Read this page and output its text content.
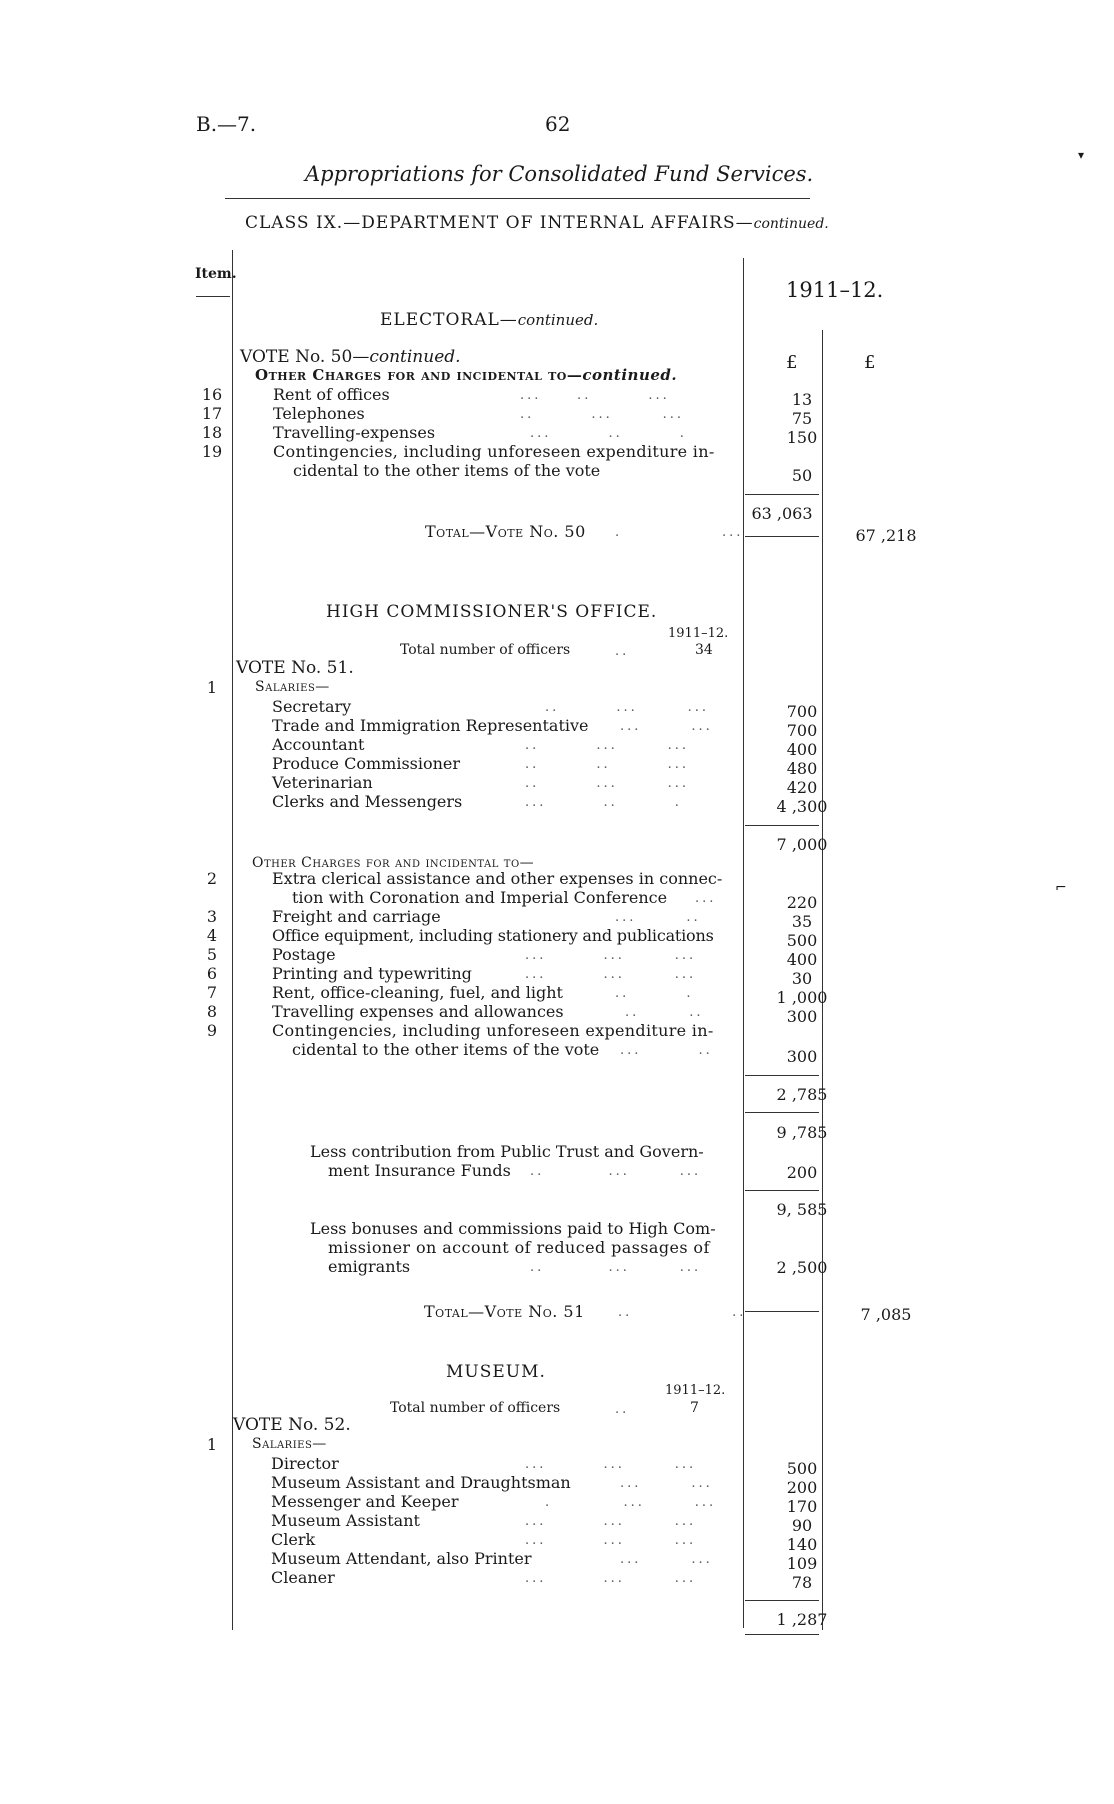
B.—7.	62
Appropriations for Consolidated Fund Services.
CLASS IX.—DEPARTMENT OF INTERNAL AFFAIRS—continued.
Item.
1911–12.
£	£
ELECTORAL—continued.
VOTE No. 50—continued.
Other Charges for and incidental to—continued.
16	Rent of offices	...     ..        ...	13
17	Telephones	..        ...       ...	75
18	Travelling-expenses	...        ..        .	150
19	Contingencies, including unforeseen expenditure in-
cidental to the other items of the vote	50
63 ,063
Total—Vote No. 50 .              ...	67 ,218
HIGH COMMISSIONER'S OFFICE.
1911–12.
Total number of officers	..	34
VOTE No. 51.
1	Salaries—
Secretary	..        ...       ...	700
Trade and Immigration Representative ...       ...	700
Accountant	..        ...       ...	400
Produce Commissioner	..        ..        ...	480
Veterinarian	..        ...       ...	420
Clerks and Messengers	...        ..        .	4 ,300
7 ,000
Other Charges for and incidental to—
2	Extra clerical assistance and other expenses in connec-
tion with Coronation and Imperial Conference ...	220
3	Freight and carriage	...       ..	35
4	Office equipment, including stationery and publications	500
5	Postage	...        ...       ...	400
6	Printing and typewriting	...        ...       ...	30
7	Rent, office-cleaning, fuel, and light	..        .	1 ,000
8	Travelling expenses and allowances	..       ..	300
9	Contingencies, including unforeseen expenditure in-
cidental to the other items of the vote ...        ..	300
2 ,785
9 ,785
Less contribution from Public Trust and Govern-
ment Insurance Funds ..         ...       ...	200
9, 585
Less bonuses and commissions paid to High Com-
missioner on account of reduced passages of
emigrants	..         ...       ...	2 ,500
Total—Vote No. 51	..              ..	7 ,085
MUSEUM.
1911–12.
Total number of officers	..	7
VOTE No. 52.
1	Salaries—
Director	...        ...       ...	500
Museum Assistant and Draughtsman	...       ...	200
Messenger and Keeper	.          ...       ...	170
Museum Assistant	...        ...       ...	90
Clerk	...        ...       ...	140
Museum Attendant, also Printer	...       ...	109
Cleaner	...        ...       ...	78
1 ,287
▾
⌐
